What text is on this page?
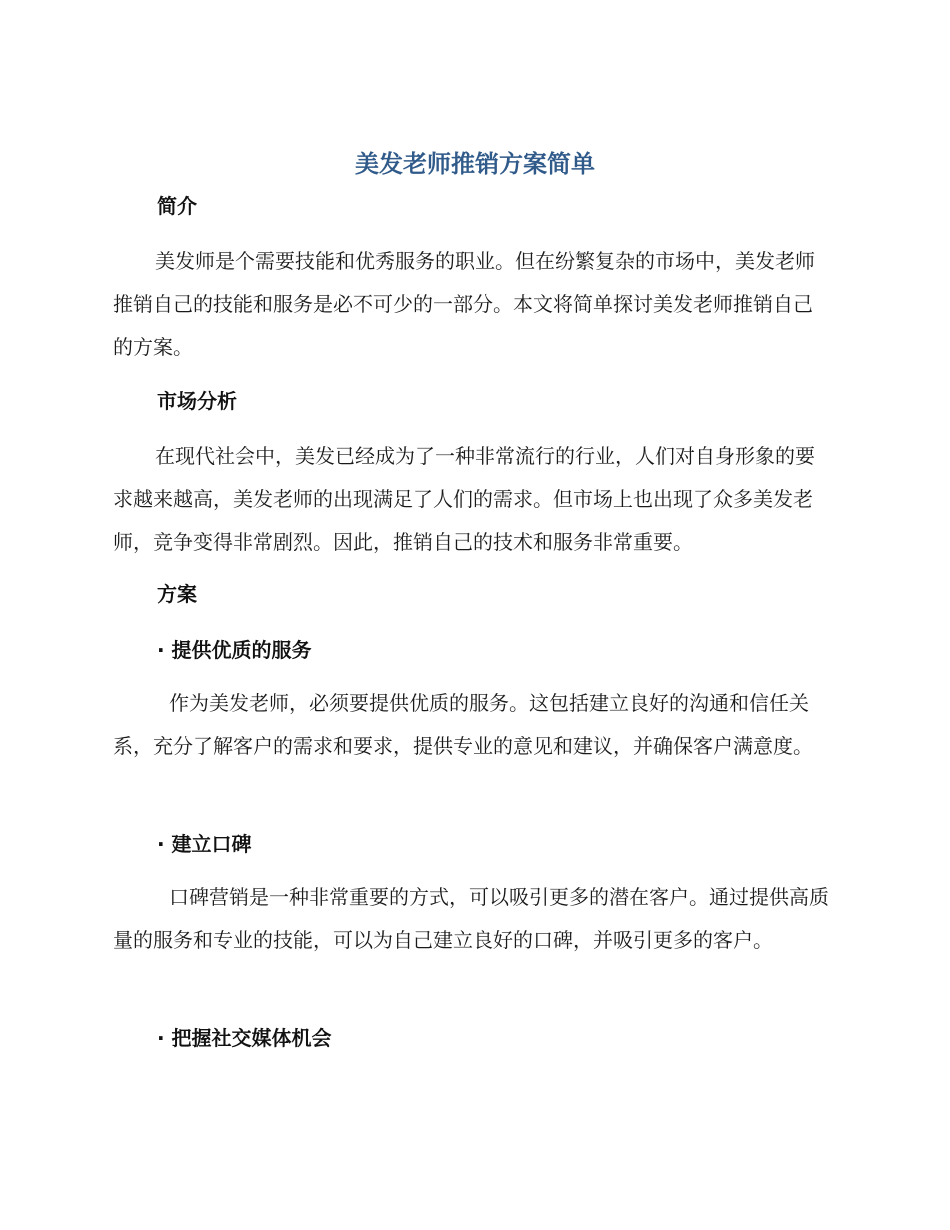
美发老师推销方案简单
简介

美发师是个需要技能和优秀服务的职业。但在纷繁复杂的市场中，美发老师推销自己的技能和服务是必不可少的一部分。本文将简单探讨美发老师推销自己的方案。

市场分析

在现代社会中，美发已经成为了一种非常流行的行业，人们对自身形象的要求越来越高，美发老师的出现满足了人们的需求。但市场上也出现了众多美发老师，竞争变得非常剧烈。因此，推销自己的技术和服务非常重要。

方案
· 提供优质的服务

作为美发老师，必须要提供优质的服务。这包括建立良好的沟通和信任关系，充分了解客户的需求和要求，提供专业的意见和建议，并确保客户满意度。

· 建立口碑

口碑营销是一种非常重要的方式，可以吸引更多的潜在客户。通过提供高质量的服务和专业的技能，可以为自己建立良好的口碑，并吸引更多的客户。

· 把握社交媒体机会
